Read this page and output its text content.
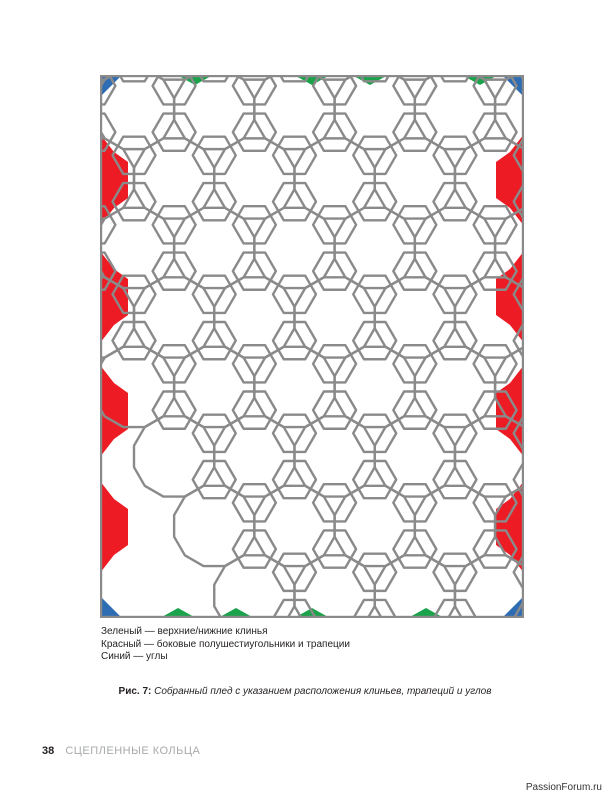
Зеленый — верхние/нижние клинья
Красный — боковые полушестиугольники и трапеции
Синий — углы
Рис. 7: Собранный плед с указанием расположения клиньев, трапеций и углов
38 СЦЕПЛЕННЫЕ КОЛЬЦА
PassionForum.ru
